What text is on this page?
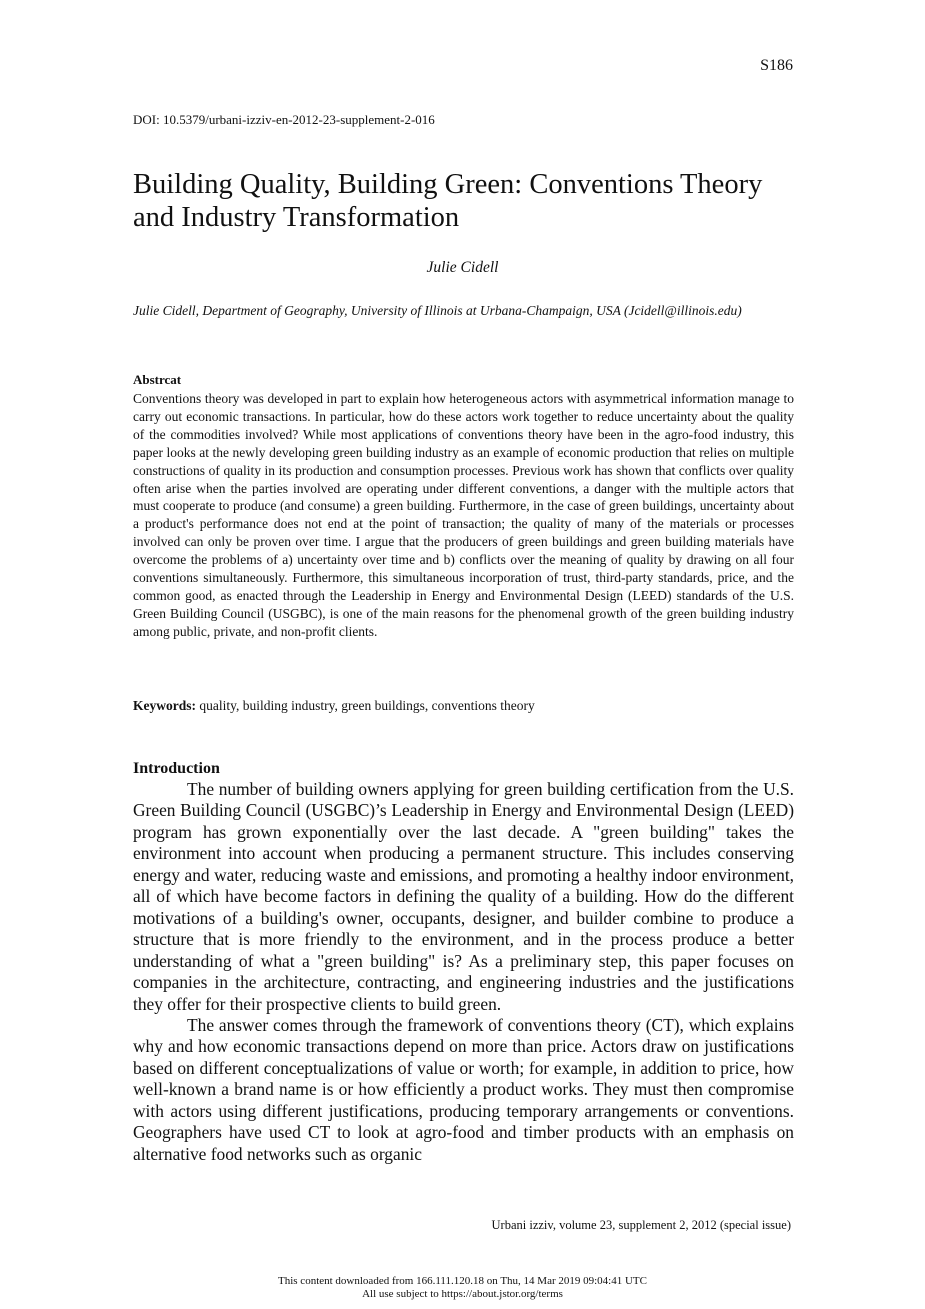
S186
DOI: 10.5379/urbani-izziv-en-2012-23-supplement-2-016
Building Quality, Building Green: Conventions Theory and Industry Transformation
Julie Cidell
Julie Cidell, Department of Geography, University of Illinois at Urbana-Champaign, USA (Jcidell@illinois.edu)
Abstrcat

Conventions theory was developed in part to explain how heterogeneous actors with asymmetrical information manage to carry out economic transactions. In particular, how do these actors work together to reduce uncertainty about the quality of the commodities involved? While most applications of conventions theory have been in the agro-food industry, this paper looks at the newly developing green building industry as an example of economic production that relies on multiple constructions of quality in its production and consumption processes. Previous work has shown that conflicts over quality often arise when the parties involved are operating under different conventions, a danger with the multiple actors that must cooperate to produce (and consume) a green building. Furthermore, in the case of green buildings, uncertainty about a product's performance does not end at the point of transaction; the quality of many of the materials or processes involved can only be proven over time. I argue that the producers of green buildings and green building materials have overcome the problems of a) uncertainty over time and b) conflicts over the meaning of quality by drawing on all four conventions simultaneously. Furthermore, this simultaneous incorporation of trust, third-party standards, price, and the common good, as enacted through the Leadership in Energy and Environmental Design (LEED) standards of the U.S. Green Building Council (USGBC), is one of the main reasons for the phenomenal growth of the green building industry among public, private, and non-profit clients.

Keywords: quality, building industry, green buildings, conventions theory
Introduction

The number of building owners applying for green building certification from the U.S. Green Building Council (USGBC)’s Leadership in Energy and Environmental Design (LEED) program has grown exponentially over the last decade. A "green building" takes the environment into account when producing a permanent structure. This includes conserving energy and water, reducing waste and emissions, and promoting a healthy indoor environment, all of which have become factors in defining the quality of a building. How do the different motivations of a building's owner, occupants, designer, and builder combine to produce a structure that is more friendly to the environment, and in the process produce a better understanding of what a "green building" is? As a preliminary step, this paper focuses on companies in the architecture, contracting, and engineering industries and the justifications they offer for their prospective clients to build green.

The answer comes through the framework of conventions theory (CT), which explains why and how economic transactions depend on more than price. Actors draw on justifications based on different conceptualizations of value or worth; for example, in addition to price, how well-known a brand name is or how efficiently a product works. They must then compromise with actors using different justifications, producing temporary arrangements or conventions. Geographers have used CT to look at agro-food and timber products with an emphasis on alternative food networks such as organic

Urbani izziv, volume 23, supplement 2, 2012 (special issue)
This content downloaded from 166.111.120.18 on Thu, 14 Mar 2019 09:04:41 UTC
All use subject to https://about.jstor.org/terms
